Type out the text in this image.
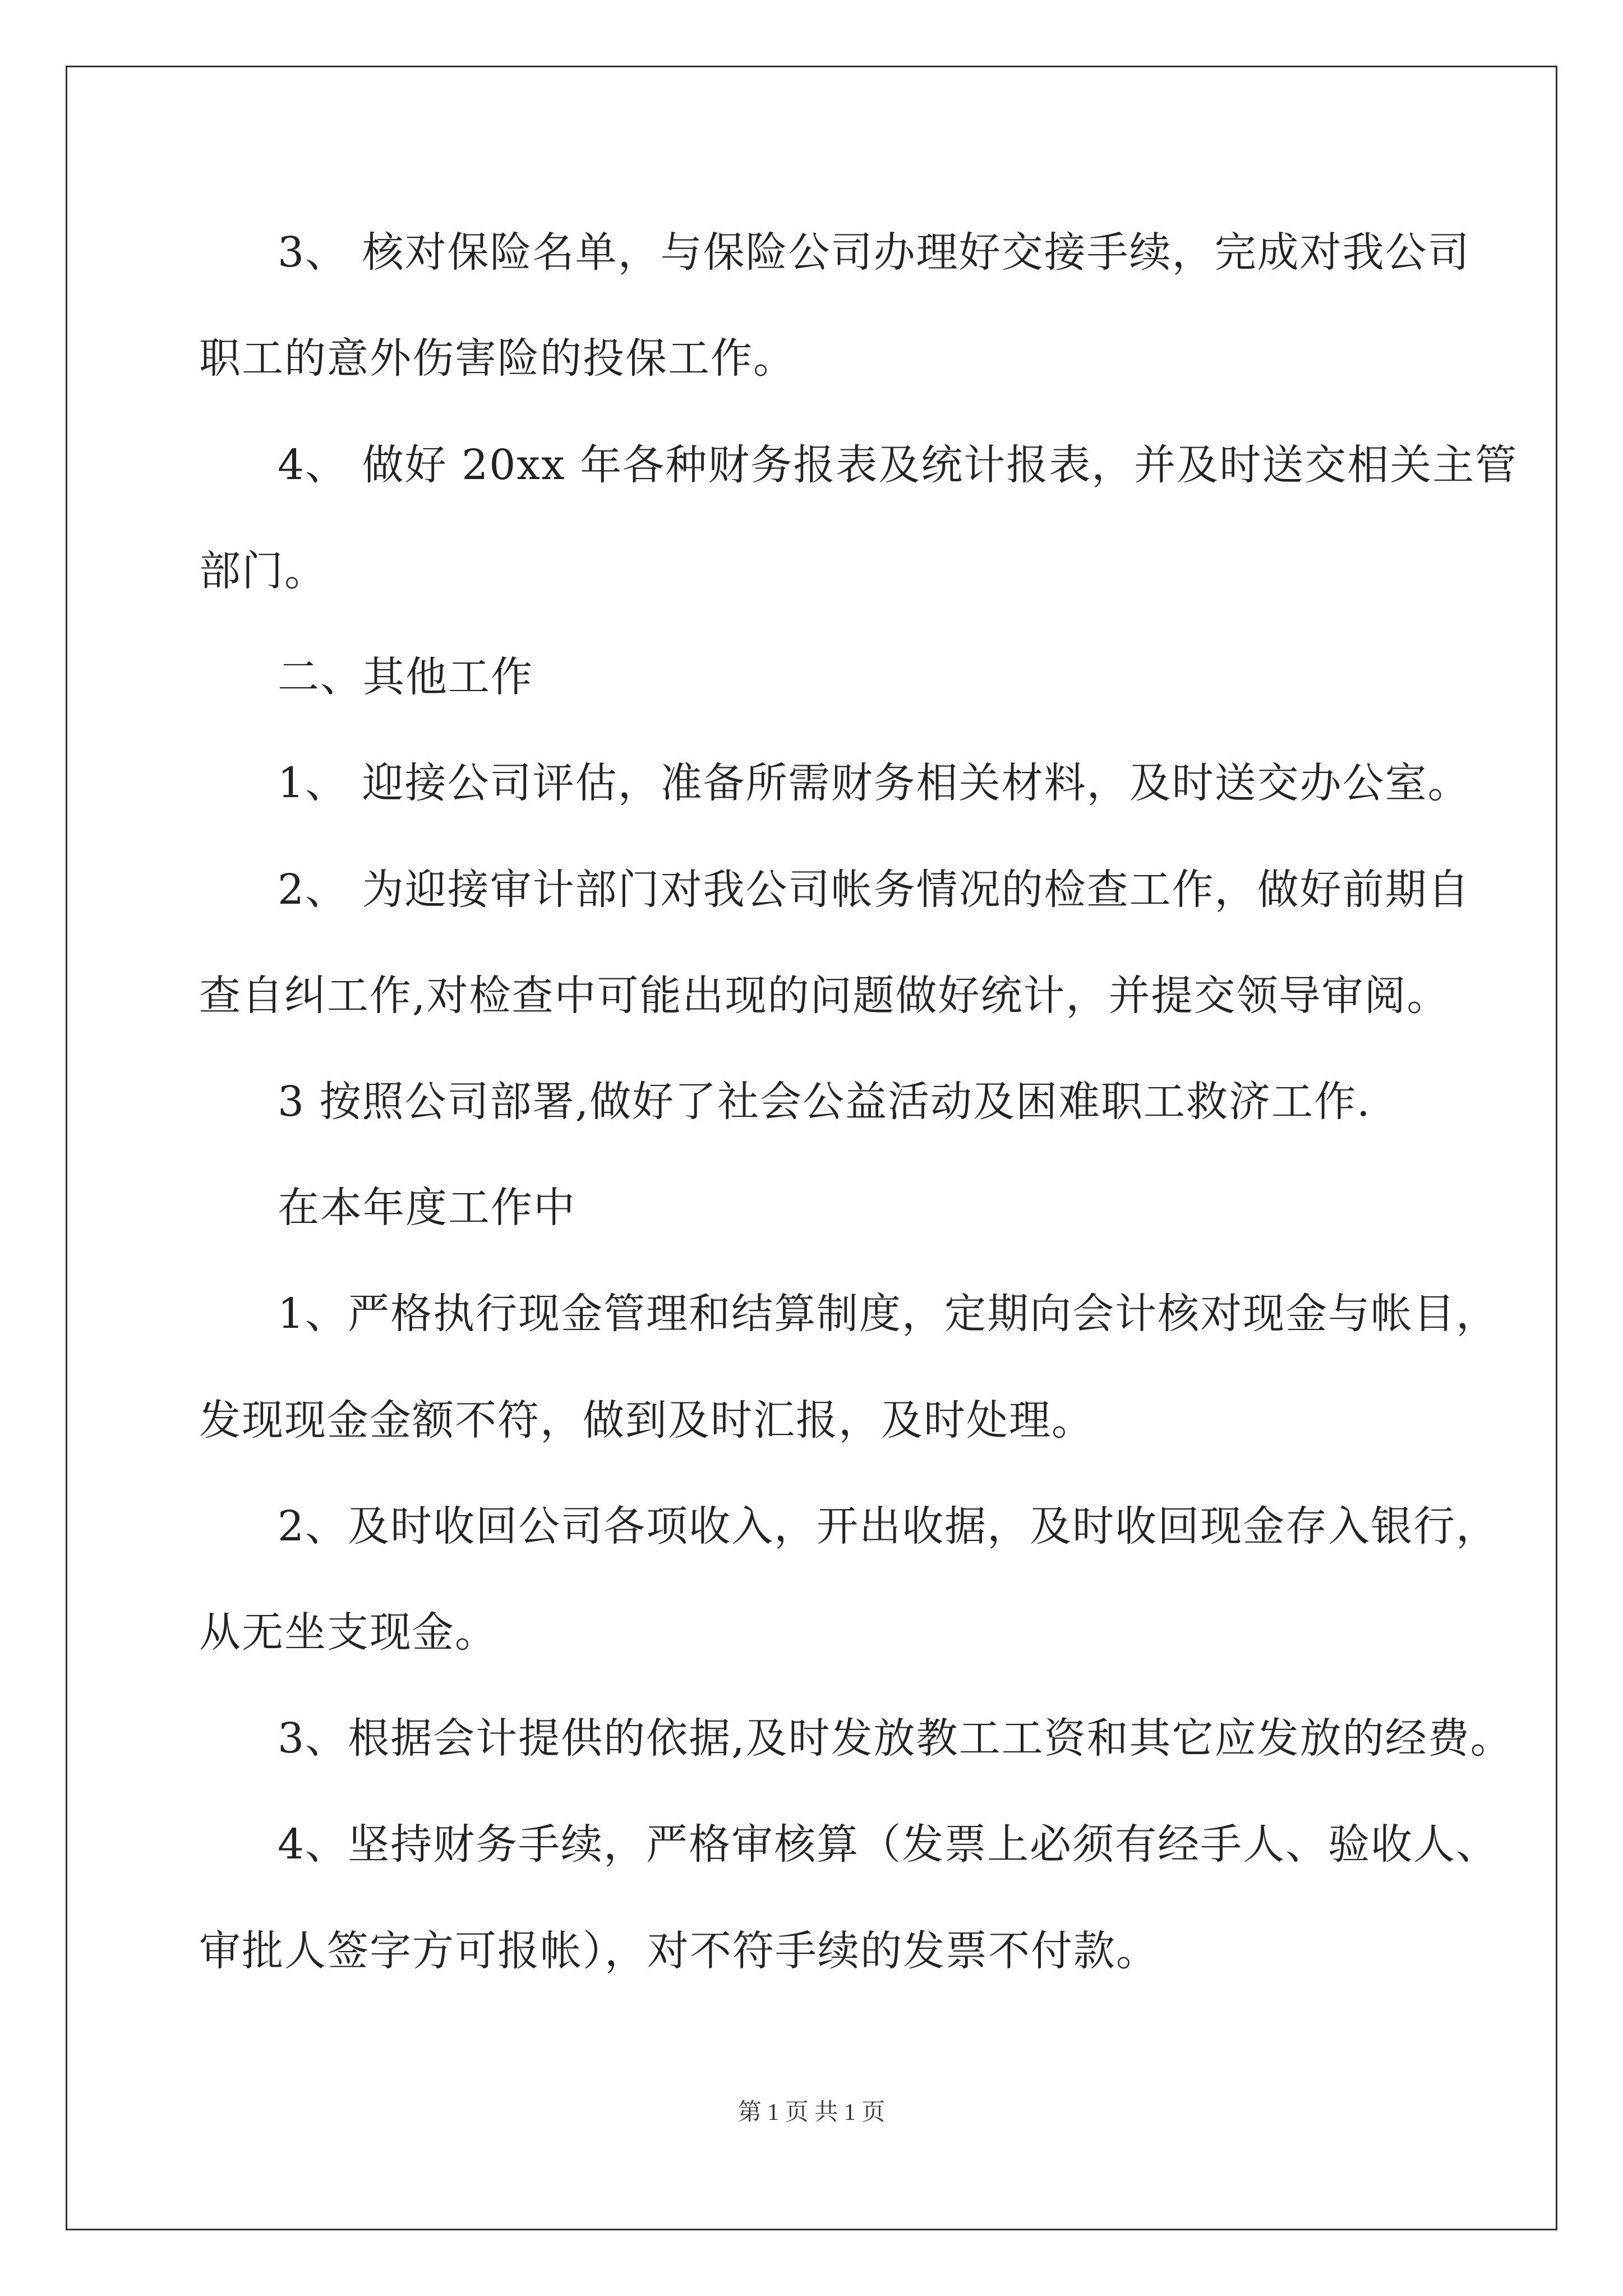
3、 核对保险名单，与保险公司办理好交接手续，完成对我公司
职工的意外伤害险的投保工作。
4、 做好 20xx 年各种财务报表及统计报表，并及时送交相关主管
部门。
二、其他工作
1、 迎接公司评估，准备所需财务相关材料，及时送交办公室。
2、 为迎接审计部门对我公司帐务情况的检查工作，做好前期自
查自纠工作,对检查中可能出现的问题做好统计，并提交领导审阅。
3 按照公司部署,做好了社会公益活动及困难职工救济工作.
在本年度工作中
1、严格执行现金管理和结算制度，定期向会计核对现金与帐目，
发现现金金额不符，做到及时汇报，及时处理。
2、及时收回公司各项收入，开出收据，及时收回现金存入银行，
从无坐支现金。
3、根据会计提供的依据,及时发放教工工资和其它应发放的经费。
4、坚持财务手续，严格审核算（发票上必须有经手人、验收人、
审批人签字方可报帐），对不符手续的发票不付款。
第 1 页 共 1 页
